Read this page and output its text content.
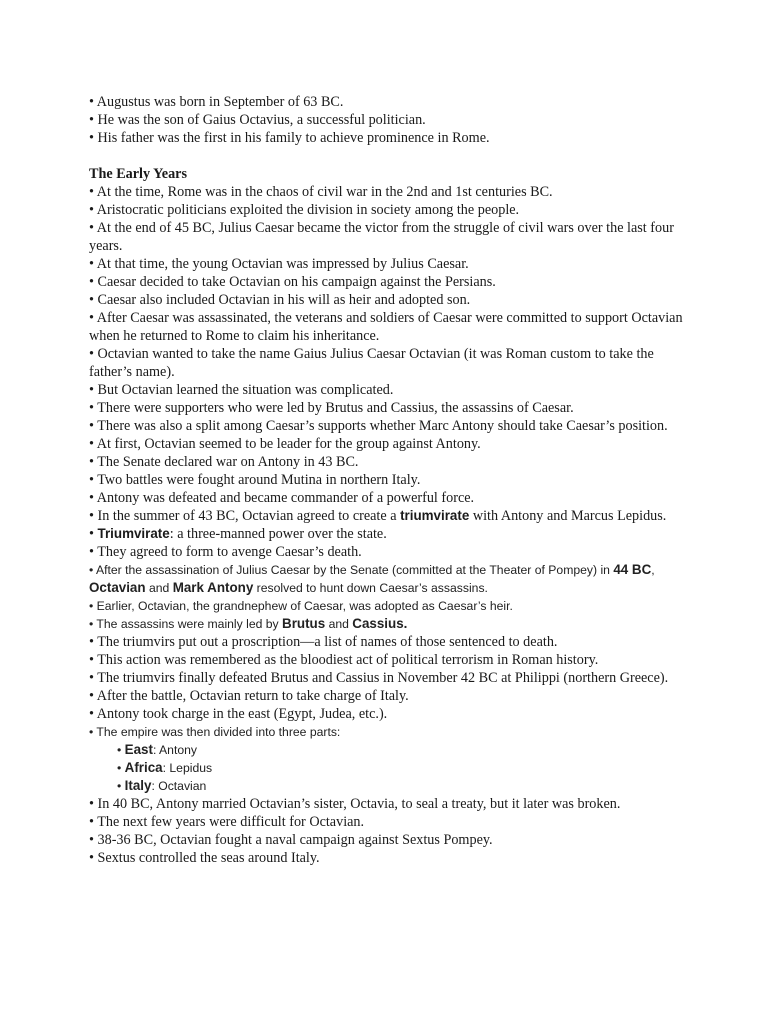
• Augustus was born in September of 63 BC.

• He was the son of Gaius Octavius, a successful politician.

• His father was the first in his family to achieve prominence in Rome.

The Early Years

• At the time, Rome was in the chaos of civil war in the 2nd and 1st centuries BC.

• Aristocratic politicians exploited the division in society among the people.

• At the end of 45 BC, Julius Caesar became the victor from the struggle of civil wars over the last four years.

• At that time, the young Octavian was impressed by Julius Caesar.

• Caesar decided to take Octavian on his campaign against the Persians.

• Caesar also included Octavian in his will as heir and adopted son.

• After Caesar was assassinated, the veterans and soldiers of Caesar were committed to support Octavian when he returned to Rome to claim his inheritance.

• Octavian wanted to take the name Gaius Julius Caesar Octavian (it was Roman custom to take the father’s name).

• But Octavian learned the situation was complicated.

• There were supporters who were led by Brutus and Cassius, the assassins of Caesar.

• There was also a split among Caesar’s supports whether Marc Antony should take Caesar’s position.

• At first, Octavian seemed to be leader for the group against Antony.

• The Senate declared war on Antony in 43 BC.

• Two battles were fought around Mutina in northern Italy.

• Antony was defeated and became commander of a powerful force.

• In the summer of 43 BC, Octavian agreed to create a triumvirate with Antony and Marcus Lepidus.

• Triumvirate: a three-manned power over the state.

• They agreed to form to avenge Caesar’s death.

• After the assassination of Julius Caesar by the Senate (committed at the Theater of Pompey) in 44 BC, Octavian and Mark Antony resolved to hunt down Caesar’s assassins.

• Earlier, Octavian, the grandnephew of Caesar, was adopted as Caesar’s heir.

• The assassins were mainly led by Brutus and Cassius.

• The triumvirs put out a proscription—a list of names of those sentenced to death.

• This action was remembered as the bloodiest act of political terrorism in Roman history.

• The triumvirs finally defeated Brutus and Cassius in November 42 BC at Philippi (northern Greece).

• After the battle, Octavian return to take charge of Italy.

• Antony took charge in the east (Egypt, Judea, etc.).

• The empire was then divided into three parts:

• East: Antony

• Africa: Lepidus

• Italy: Octavian

• In 40 BC, Antony married Octavian’s sister, Octavia, to seal a treaty, but it later was broken.

• The next few years were difficult for Octavian.

• 38-36 BC, Octavian fought a naval campaign against Sextus Pompey.

• Sextus controlled the seas around Italy.
